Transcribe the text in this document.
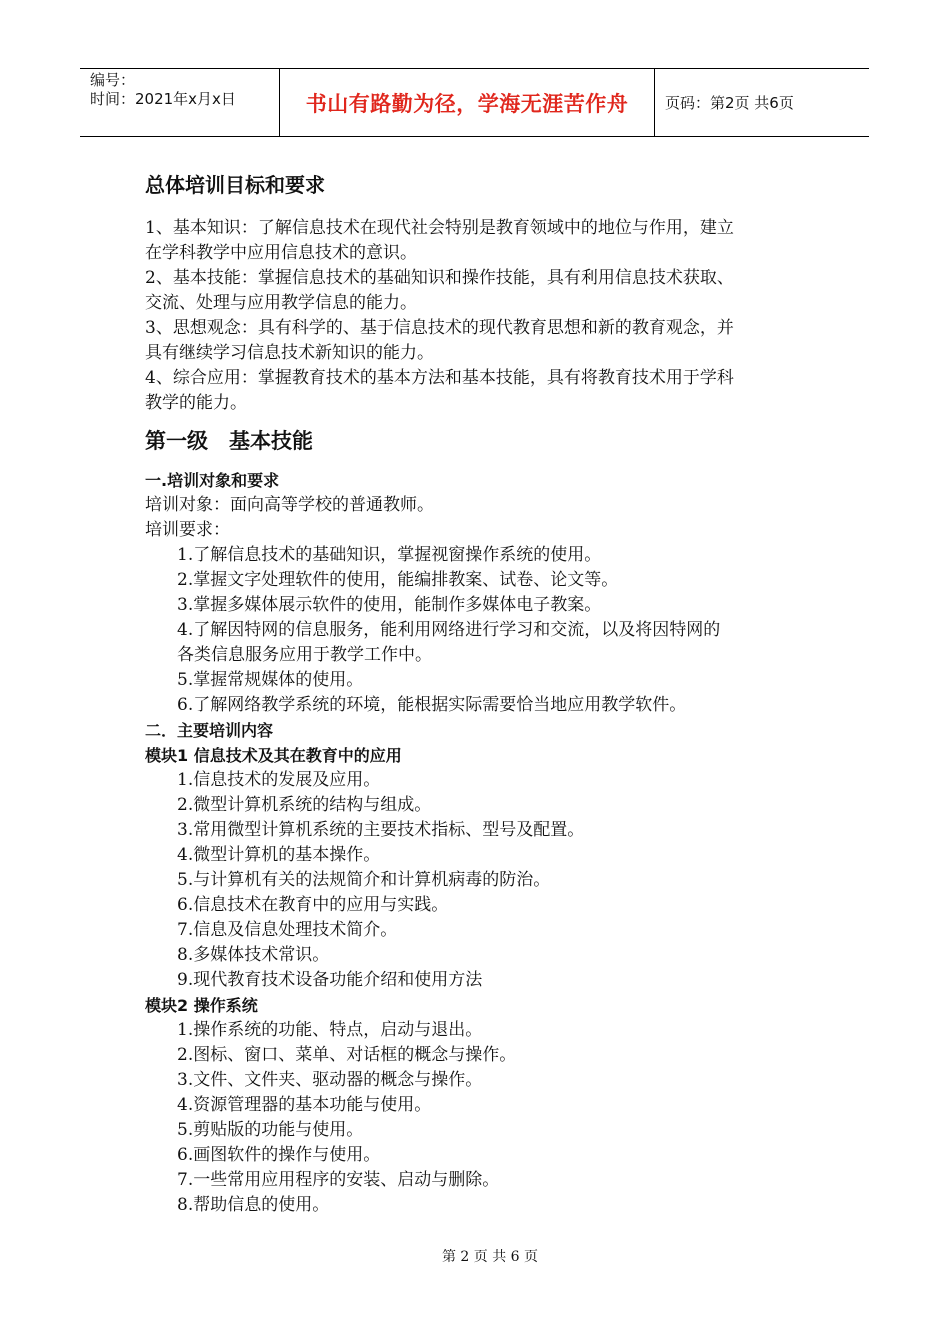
编号：
时间：2021年x月x日	书山有路勤为径，学海无涯苦作舟 页码：第2页 共6页
总体培训目标和要求

1、基本知识：了解信息技术在现代社会特别是教育领域中的地位与作用，建立

在学科教学中应用信息技术的意识。

2、基本技能：掌握信息技术的基础知识和操作技能，具有利用信息技术获取、

交流、处理与应用教学信息的能力。

3、思想观念：具有科学的、基于信息技术的现代教育思想和新的教育观念，并

具有继续学习信息技术新知识的能力。

4、综合应用：掌握教育技术的基本方法和基本技能，具有将教育技术用于学科

教学的能力。

第一级　基本技能

一.培训对象和要求

培训对象：面向高等学校的普通教师。

培训要求：

1.了解信息技术的基础知识，掌握视窗操作系统的使用。

2.掌握文字处理软件的使用，能编排教案、试卷、论文等。

3.掌握多媒体展示软件的使用，能制作多媒体电子教案。

4.了解因特网的信息服务，能利用网络进行学习和交流，以及将因特网的

各类信息服务应用于教学工作中。

5.掌握常规媒体的使用。

6.了解网络教学系统的环境，能根据实际需要恰当地应用教学软件。

二．主要培训内容

模块1 信息技术及其在教育中的应用

1.信息技术的发展及应用。

2.微型计算机系统的结构与组成。

3.常用微型计算机系统的主要技术指标、型号及配置。

4.微型计算机的基本操作。

5.与计算机有关的法规简介和计算机病毒的防治。

6.信息技术在教育中的应用与实践。

7.信息及信息处理技术简介。

8.多媒体技术常识。

9.现代教育技术设备功能介绍和使用方法

模块2 操作系统

1.操作系统的功能、特点，启动与退出。

2.图标、窗口、菜单、对话框的概念与操作。

3.文件、文件夹、驱动器的概念与操作。

4.资源管理器的基本功能与使用。

5.剪贴版的功能与使用。

6.画图软件的操作与使用。

7.一些常用应用程序的安装、启动与删除。

8.帮助信息的使用。

第 2 页 共 6 页
